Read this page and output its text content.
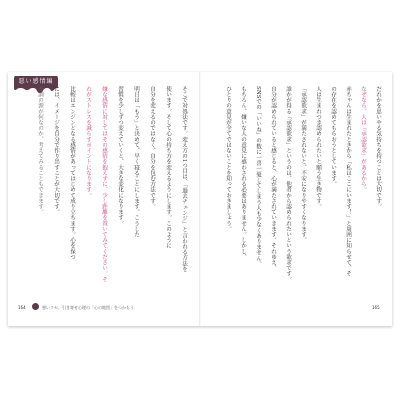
悪い感情編
そこで対処法です。変え方の1つ目は、「過去チェンジ」と言われる方法を
使います。そして心の持ち方を変えるようにします。このように
自分を変えるのではなく、自分を包む方法です。
明日は「もう」と決めて、早く寝ることにします。こうした
習慣を少しずつ変えていくと、大きな変化になります。
嫌な感情に対してはその感情を抱えずに、少し距離を置いてみてください。そ
れがストレスを減らすポイントになります。
比較はエンジンとなる感情があってはじめて成り立ちます。心を保つ
には、イメージを自分で作り出すことが大切です。
不調の源が何なのか、考えてみることもできます。
164	悪いクセ、引き寄せ心理の「心の地図」をつかもう
だれかを思いやる気持ちを持つことは大切です。
なぜなら、人は「承認欲求」があるから。
赤ちゃんは生まれたときから「私はここにいます！」と周囲に知らせて、そ
の存在を認めてもらおうとしています。
人は生まれつき認められたいと願う生き物です。
「承認欲求」が満たされないと、不安になりやすくなります。
誰かが得る「承認欲求」というのは、他者から認められたいという欲求です。
自分が認められていると感じると、心が満たされていきます。それゆえ、
SNSでの「いいね」の数に一喜一憂してしまう人も少なくありません。
もちろん、嫌いな人の意見に惑わされる必要はありません。しかし、
ひとりの意見が全てではないことを知っておきましょう。
165
